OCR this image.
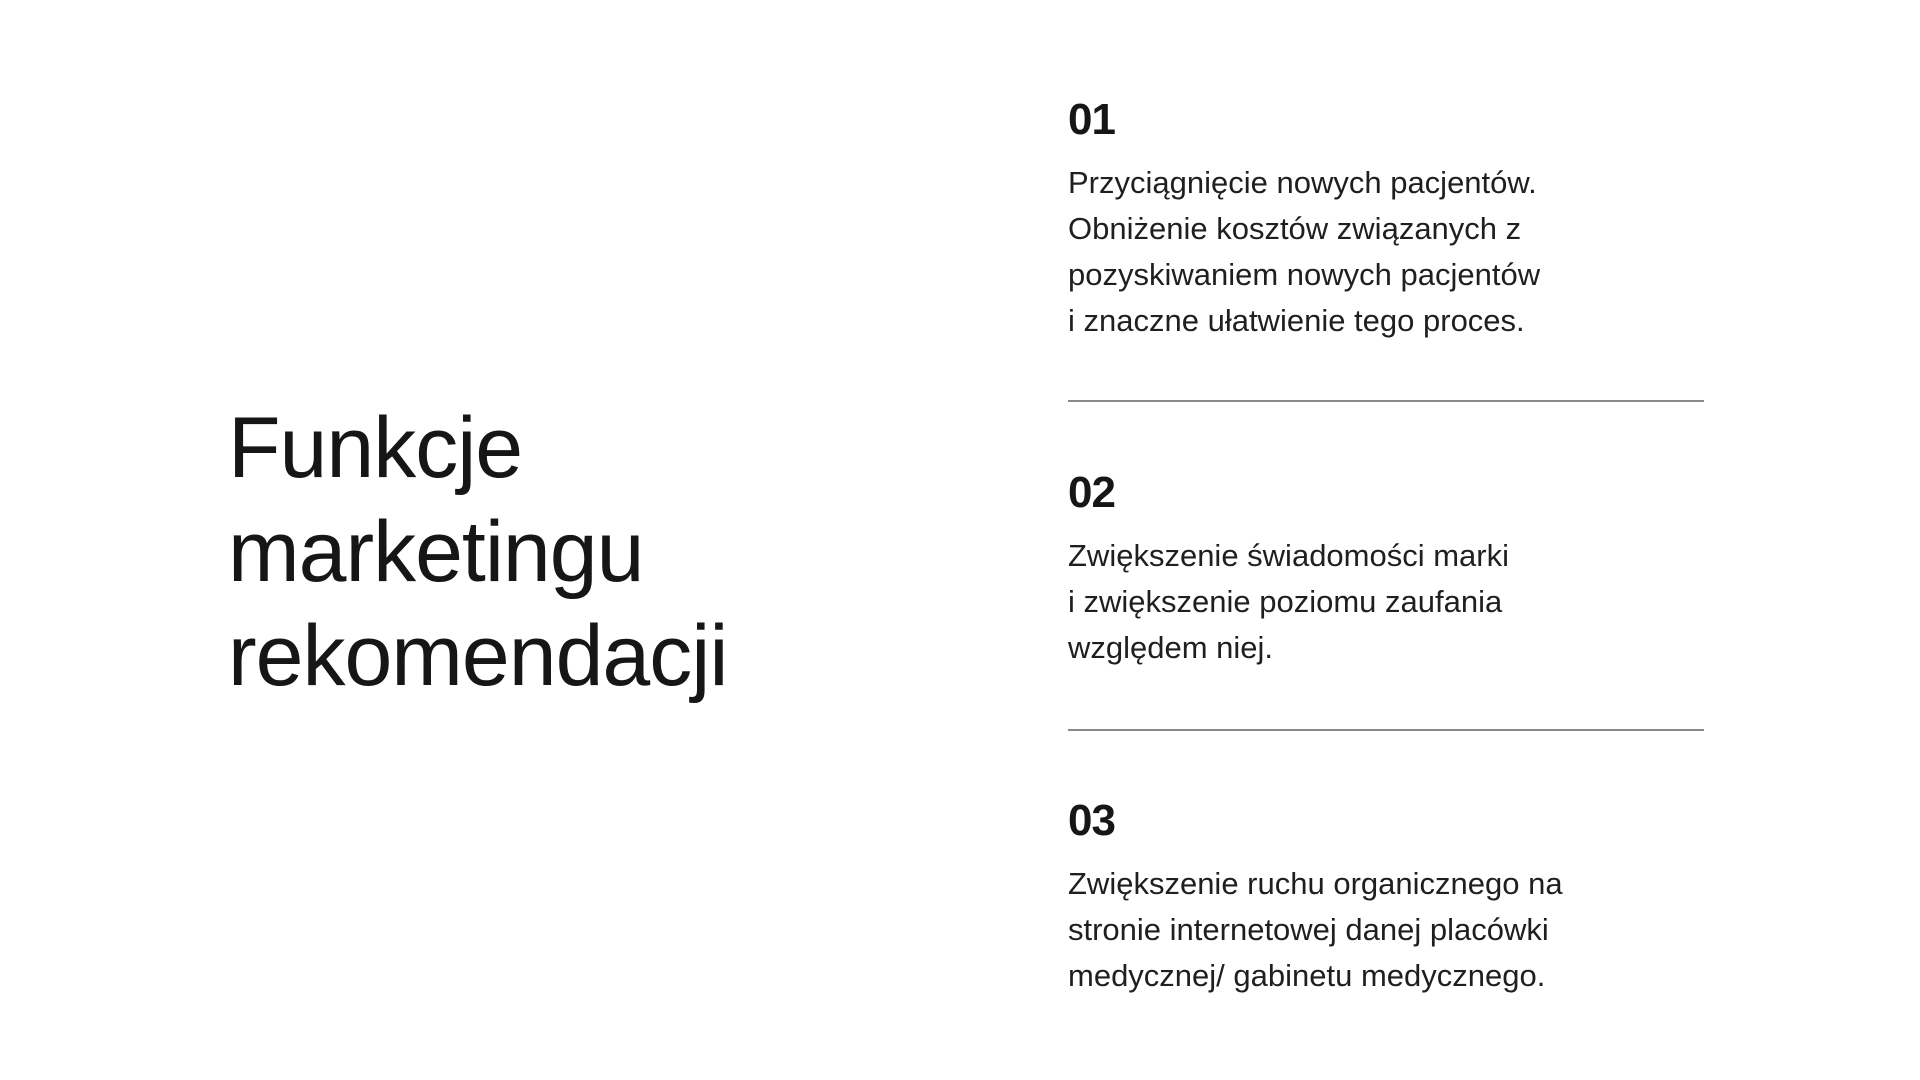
Funkcje
marketingu
rekomendacji
01

Przyciągnięcie nowych pacjentów.
Obniżenie kosztów związanych z
pozyskiwaniem nowych pacjentów
i znaczne ułatwienie tego proces.

02

Zwiększenie świadomości marki
i zwiększenie poziomu zaufania
względem niej.

03

Zwiększenie ruchu organicznego na
stronie internetowej danej placówki
medycznej/ gabinetu medycznego.
